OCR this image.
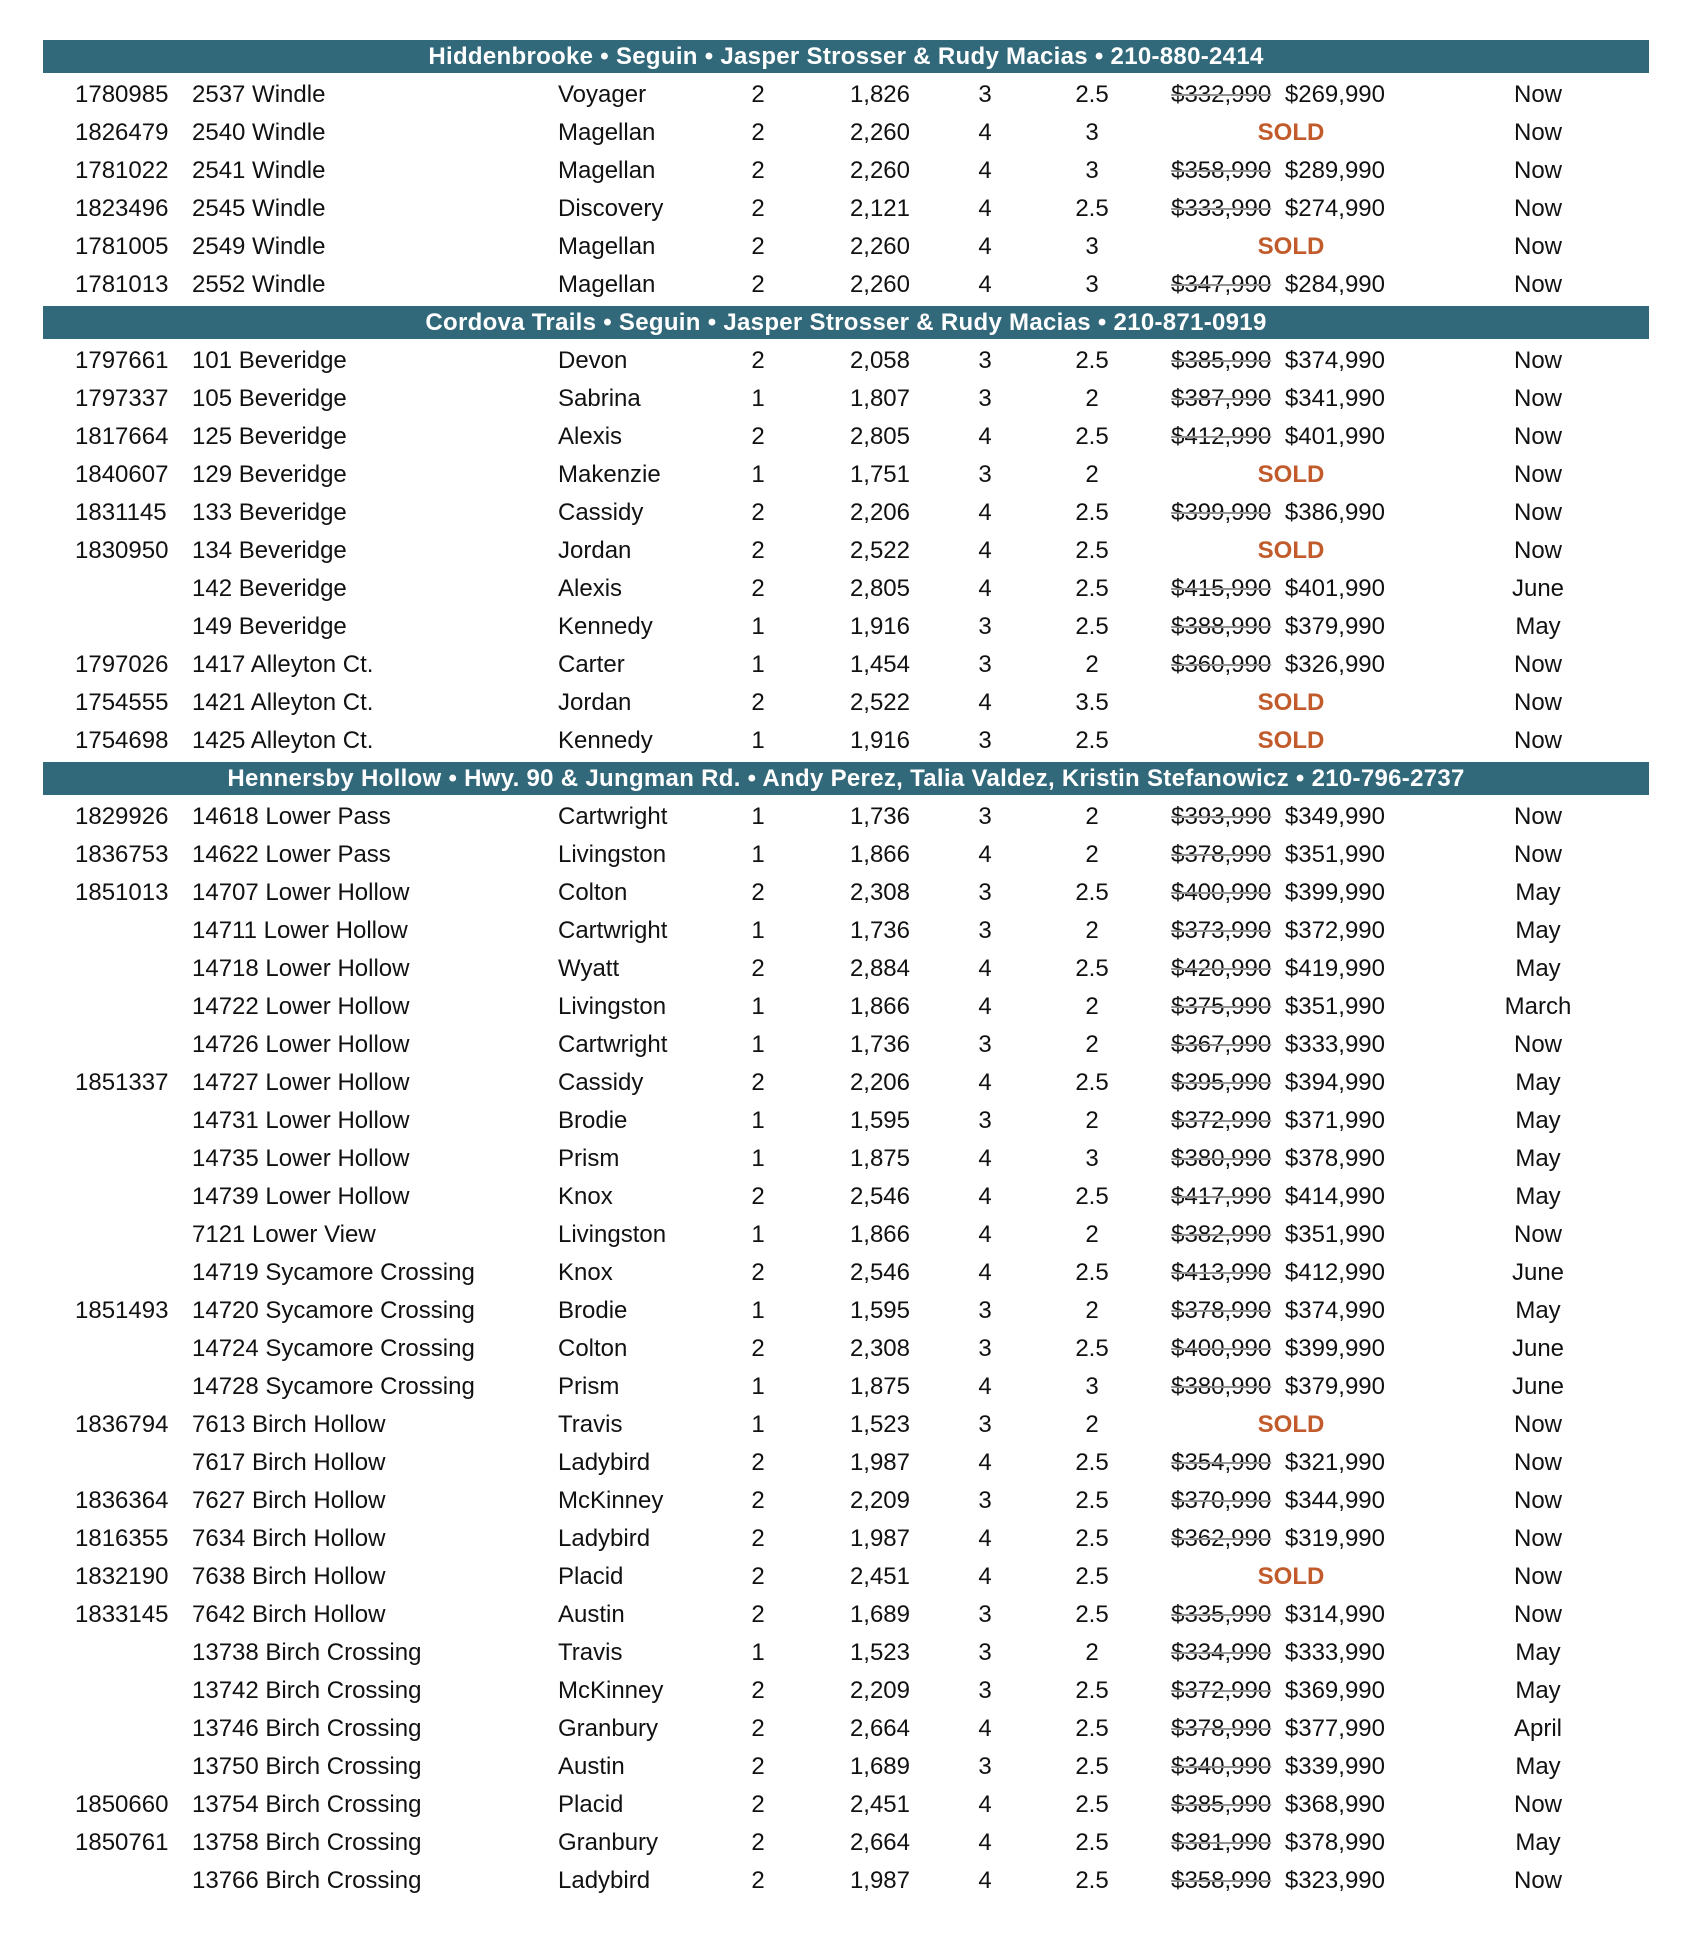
Hiddenbrooke • Seguin • Jasper Strosser & Rudy Macias • 210-880-2414
1780985 2537 Windle	Voyager	2	1,826	3	2.5	$332,990 $269,990	Now
1826479 2540 Windle	Magellan	2	2,260	4	3	SOLD	Now
1781022 2541 Windle	Magellan	2	2,260	4	3	$358,990 $289,990	Now
1823496 2545 Windle	Discovery	2	2,121	4	2.5	$333,990 $274,990	Now
1781005 2549 Windle	Magellan	2	2,260	4	3	SOLD	Now
1781013 2552 Windle	Magellan	2	2,260	4	3	$347,990 $284,990	Now
Cordova Trails • Seguin • Jasper Strosser & Rudy Macias • 210-871-0919
1797661 101 Beveridge	Devon	2	2,058	3	2.5	$385,990 $374,990	Now
1797337 105 Beveridge	Sabrina	1	1,807	3	2	$387,990 $341,990	Now
1817664 125 Beveridge	Alexis	2	2,805	4	2.5	$412,990 $401,990	Now
1840607 129 Beveridge	Makenzie	1	1,751	3	2	SOLD	Now
1831145	133 Beveridge	Cassidy	2	2,206	4	2.5	$399,990 $386,990	Now
1830950 134 Beveridge	Jordan	2	2,522	4	2.5	SOLD	Now
142 Beveridge	Alexis	2	2,805	4	2.5	$415,990 $401,990	June
149 Beveridge	Kennedy	1	1,916	3	2.5	$388,990 $379,990	May
1797026 1417 Alleyton Ct.	Carter	1	1,454	3	2	$360,990 $326,990	Now
1754555 1421 Alleyton Ct.	Jordan	2	2,522	4	3.5	SOLD	Now
1754698 1425 Alleyton Ct.	Kennedy	1	1,916	3	2.5	SOLD	Now
Hennersby Hollow • Hwy. 90 & Jungman Rd. • Andy Perez, Talia Valdez, Kristin Stefanowicz • 210-796-2737
1829926 14618 Lower Pass	Cartwright	1	1,736	3	2	$393,990 $349,990	Now
1836753 14622 Lower Pass	Livingston	1	1,866	4	2	$378,990 $351,990	Now
1851013 14707 Lower Hollow	Colton	2	2,308	3	2.5	$400,990 $399,990	May
14711 Lower Hollow	Cartwright	1	1,736	3	2	$373,990 $372,990	May
14718 Lower Hollow	Wyatt	2	2,884	4	2.5	$420,990 $419,990	May
14722 Lower Hollow	Livingston	1	1,866	4	2	$375,990 $351,990	March
14726 Lower Hollow	Cartwright	1	1,736	3	2	$367,990 $333,990	Now
1851337 14727 Lower Hollow	Cassidy	2	2,206	4	2.5	$395,990 $394,990	May
14731 Lower Hollow	Brodie	1	1,595	3	2	$372,990 $371,990	May
14735 Lower Hollow	Prism	1	1,875	4	3	$380,990 $378,990	May
14739 Lower Hollow	Knox	2	2,546	4	2.5	$417,990 $414,990	May
7121 Lower View	Livingston	1	1,866	4	2	$382,990 $351,990	Now
14719 Sycamore Crossing	Knox	2	2,546	4	2.5	$413,990 $412,990	June
1851493 14720 Sycamore Crossing	Brodie	1	1,595	3	2	$378,990 $374,990	May
14724 Sycamore Crossing	Colton	2	2,308	3	2.5	$400,990 $399,990	June
14728 Sycamore Crossing	Prism	1	1,875	4	3	$380,990 $379,990	June
1836794 7613 Birch Hollow	Travis	1	1,523	3	2	SOLD	Now
7617 Birch Hollow	Ladybird	2	1,987	4	2.5	$354,990 $321,990	Now
1836364 7627 Birch Hollow	McKinney	2	2,209	3	2.5	$370,990 $344,990	Now
1816355 7634 Birch Hollow	Ladybird	2	1,987	4	2.5	$362,990 $319,990	Now
1832190 7638 Birch Hollow	Placid	2	2,451	4	2.5	SOLD	Now
1833145 7642 Birch Hollow	Austin	2	1,689	3	2.5	$335,990 $314,990	Now
13738 Birch Crossing	Travis	1	1,523	3	2	$334,990 $333,990	May
13742 Birch Crossing	McKinney	2	2,209	3	2.5	$372,990 $369,990	May
13746 Birch Crossing	Granbury	2	2,664	4	2.5	$378,990 $377,990	April
13750 Birch Crossing	Austin	2	1,689	3	2.5	$340,990 $339,990	May
1850660 13754 Birch Crossing	Placid	2	2,451	4	2.5	$385,990 $368,990	Now
1850761 13758 Birch Crossing	Granbury	2	2,664	4	2.5	$381,990 $378,990	May
13766 Birch Crossing	Ladybird	2	1,987	4	2.5	$358,990 $323,990	Now
